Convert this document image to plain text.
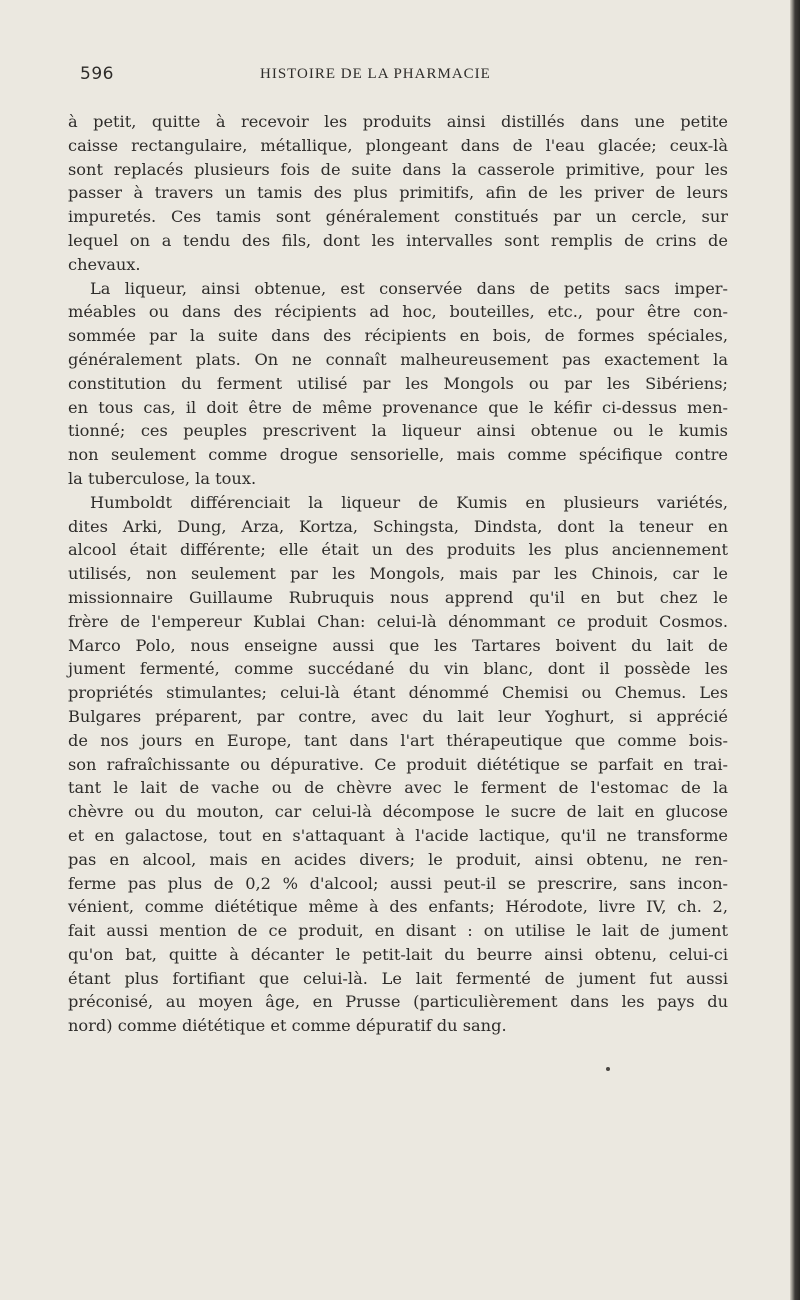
596	HISTOIRE DE LA PHARMACIE
à petit, quitte à recevoir les produits ainsi distillés dans une petite
caisse rectangulaire, métallique, plongeant dans de l'eau glacée; ceux-là
sont replacés plusieurs fois de suite dans la casserole primitive, pour les
passer à travers un tamis des plus primitifs, afin de les priver de leurs
impuretés. Ces tamis sont généralement constitués par un cercle, sur
lequel on a tendu des fils, dont les intervalles sont remplis de crins de
chevaux.
La liqueur, ainsi obtenue, est conservée dans de petits sacs imper-
méables ou dans des récipients ad hoc, bouteilles, etc., pour être con-
sommée par la suite dans des récipients en bois, de formes spéciales,
généralement plats. On ne connaît malheureusement pas exactement la
constitution du ferment utilisé par les Mongols ou par les Sibériens;
en tous cas, il doit être de même provenance que le kéfir ci-dessus men-
tionné; ces peuples prescrivent la liqueur ainsi obtenue ou le kumis
non seulement comme drogue sensorielle, mais comme spécifique contre
la tuberculose, la toux.
Humboldt différenciait la liqueur de Kumis en plusieurs variétés,
dites Arki, Dung, Arza, Kortza, Schingsta, Dindsta, dont la teneur en
alcool était différente; elle était un des produits les plus anciennement
utilisés, non seulement par les Mongols, mais par les Chinois, car le
missionnaire Guillaume Rubruquis nous apprend qu'il en but chez le
frère de l'empereur Kublai Chan: celui-là dénommant ce produit Cosmos.
Marco Polo, nous enseigne aussi que les Tartares boivent du lait de
jument fermenté, comme succédané du vin blanc, dont il possède les
propriétés stimulantes; celui-là étant dénommé Chemisi ou Chemus. Les
Bulgares préparent, par contre, avec du lait leur Yoghurt, si apprécié
de nos jours en Europe, tant dans l'art thérapeutique que comme bois-
son rafraîchissante ou dépurative. Ce produit diététique se parfait en trai-
tant le lait de vache ou de chèvre avec le ferment de l'estomac de la
chèvre ou du mouton, car celui-là décompose le sucre de lait en glucose
et en galactose, tout en s'attaquant à l'acide lactique, qu'il ne transforme
pas en alcool, mais en acides divers; le produit, ainsi obtenu, ne ren-
ferme pas plus de 0,2 % d'alcool; aussi peut-il se prescrire, sans incon-
vénient, comme diététique même à des enfants; Hérodote, livre IV, ch. 2,
fait aussi mention de ce produit, en disant : on utilise le lait de jument
qu'on bat, quitte à décanter le petit-lait du beurre ainsi obtenu, celui-ci
étant plus fortifiant que celui-là. Le lait fermenté de jument fut aussi
préconisé, au moyen âge, en Prusse (particulièrement dans les pays du
nord) comme diététique et comme dépuratif du sang.
